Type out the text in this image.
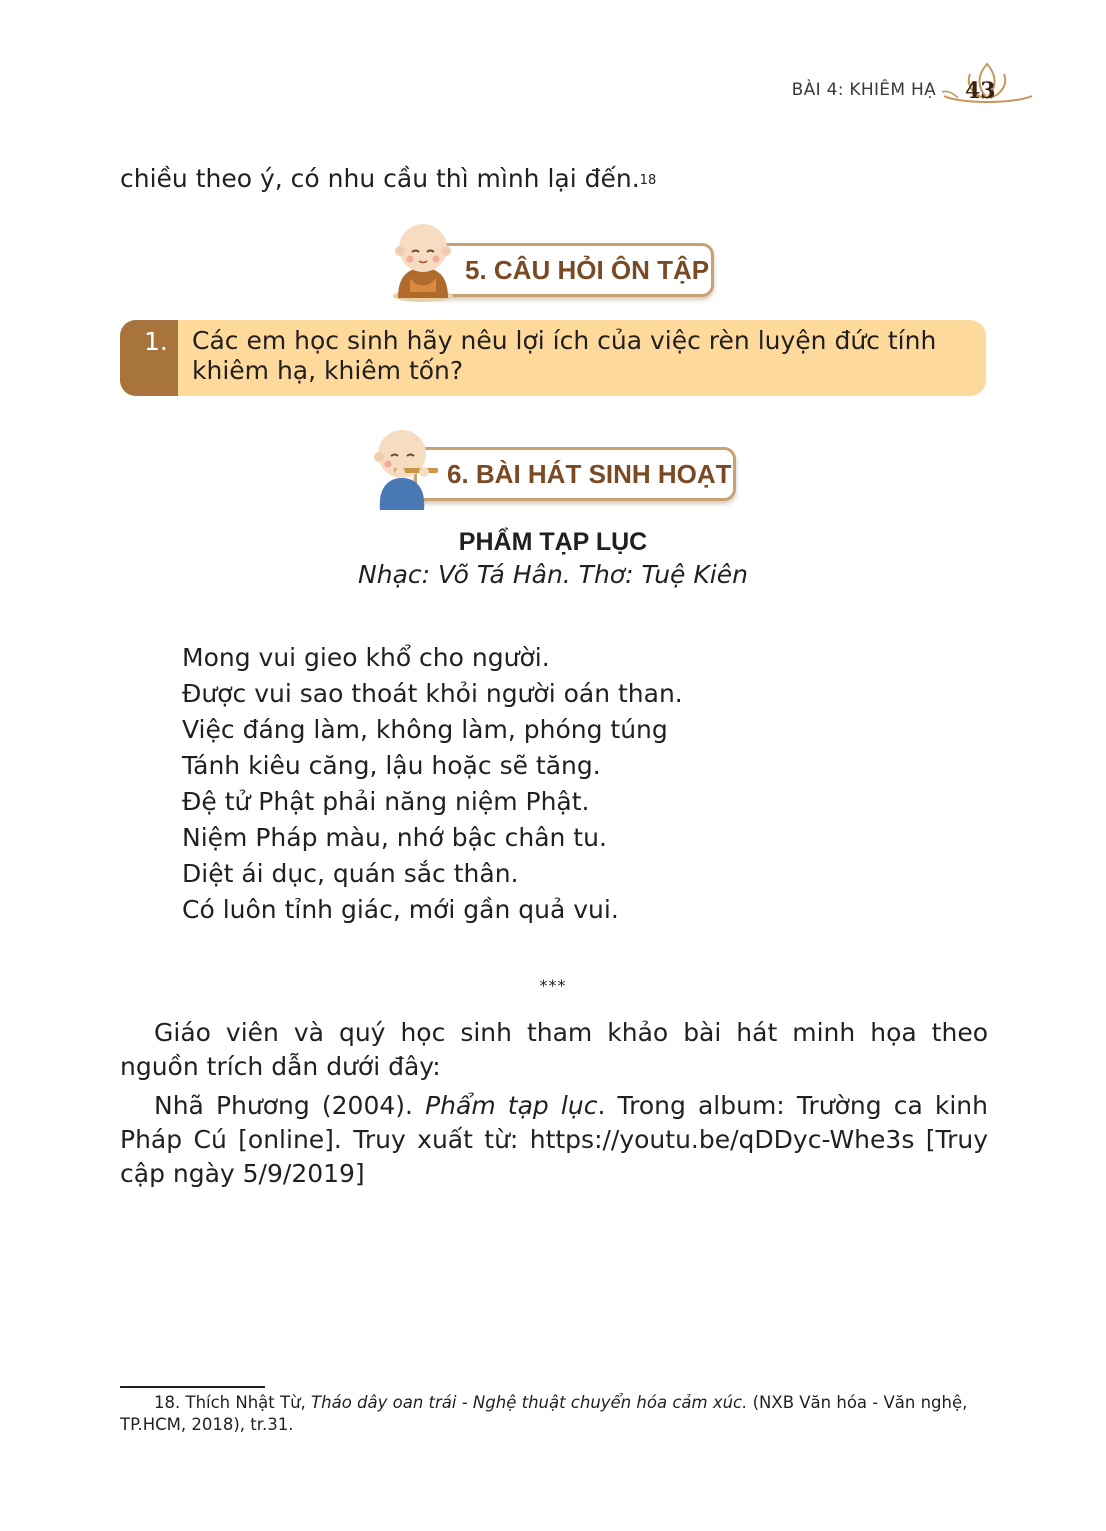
BÀI 4: KHIÊM HẠ 43
chiều theo ý, có nhu cầu thì mình lại đến.$^{18}$
5. CÂU HỎI ÔN TẬP
1. Các em học sinh hãy nêu lợi ích của việc rèn luyện đức tính khiêm hạ, khiêm tốn?
6. BÀI HÁT SINH HOẠT
PHẨM TẠP LỤC
Nhạc: Võ Tá Hân. Thơ: Tuệ Kiên
Mong vui gieo khổ cho người.
Được vui sao thoát khỏi người oán than.
Việc đáng làm, không làm, phóng túng
Tánh kiêu căng, lậu hoặc sẽ tăng.
Đệ tử Phật phải năng niệm Phật.
Niệm Pháp màu, nhớ bậc chân tu.
Diệt ái dục, quán sắc thân.
Có luôn tỉnh giác, mới gần quả vui.
***
Giáo viên và quý học sinh tham khảo bài hát minh họa theo nguồn trích dẫn dưới đây:
Nhã Phương (2004). Phẩm tạp lục. Trong album: Trường ca kinh Pháp Cú [online]. Truy xuất từ: https://youtu.be/qDDyc-Whe3s [Truy cập ngày 5/9/2019]
18. Thích Nhật Từ, Tháo dây oan trái - Nghệ thuật chuyển hóa cảm xúc. (NXB Văn hóa - Văn nghệ, TP.HCM, 2018), tr.31.
